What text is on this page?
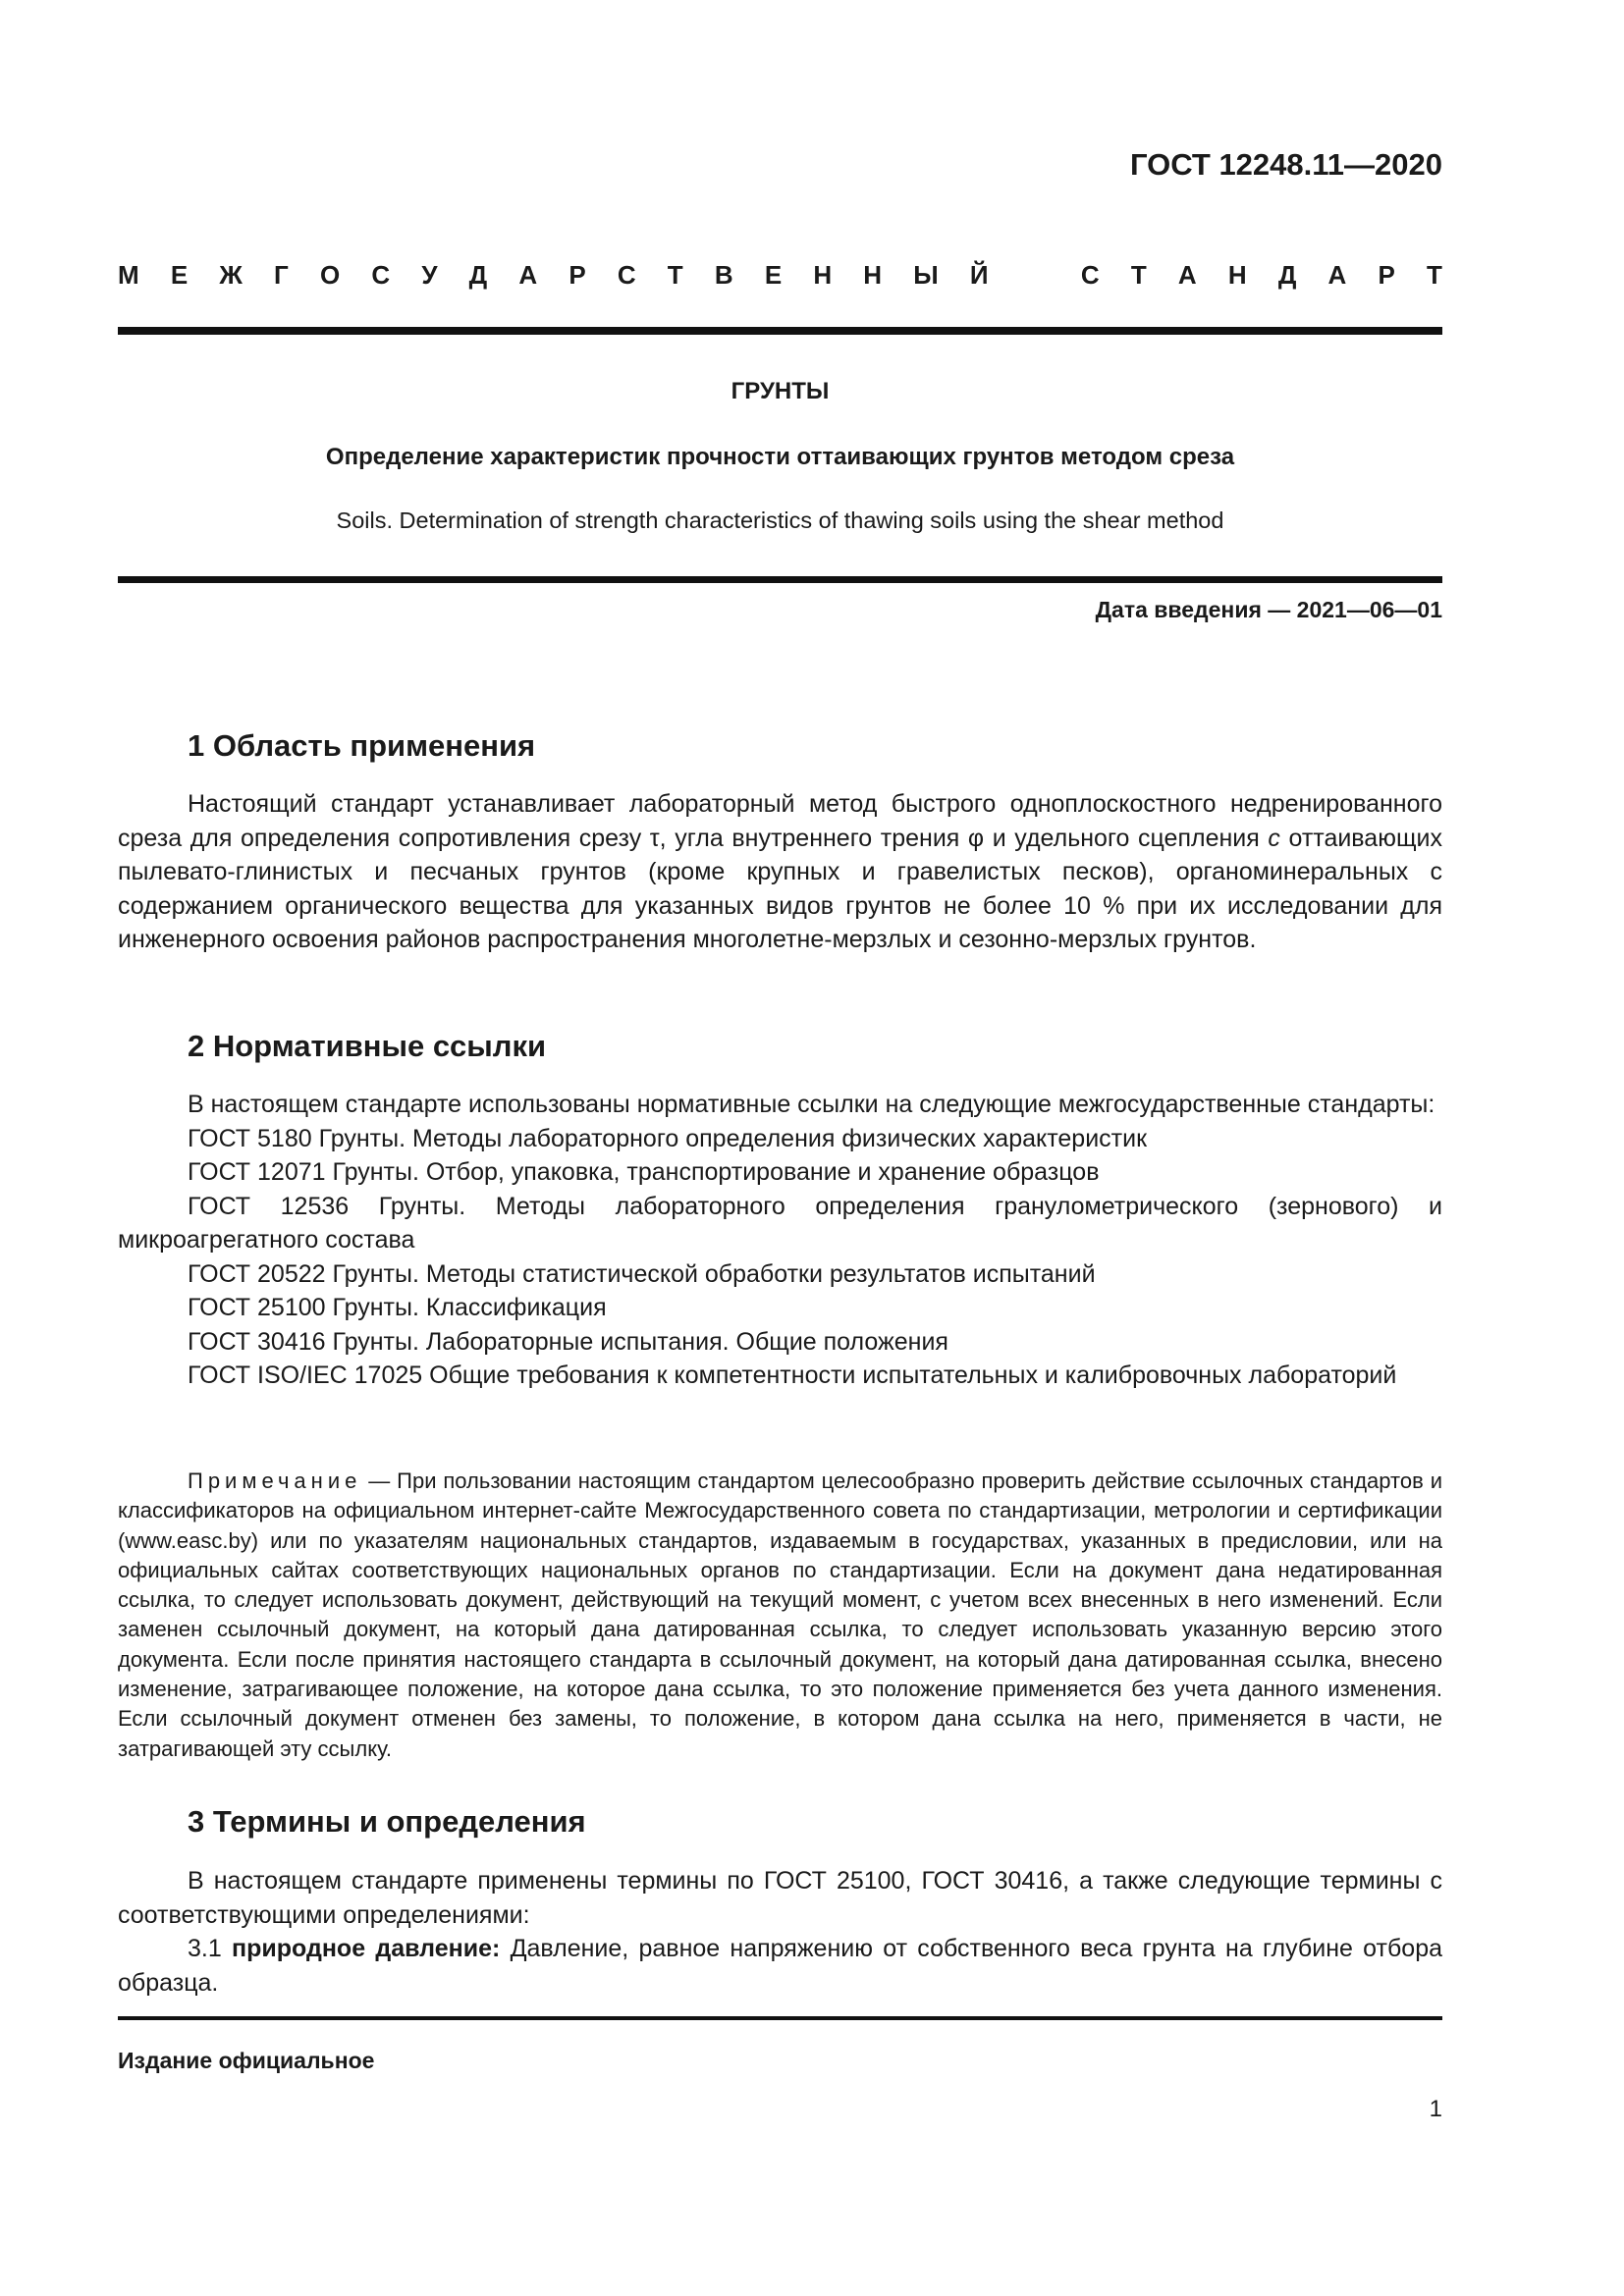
ГОСТ 12248.11—2020
М Е Ж Г О С У Д А Р С Т В Е Н Н Ы Й	С Т А Н Д А Р Т
ГРУНТЫ
Определение характеристик прочности оттаивающих грунтов методом среза
Soils. Determination of strength characteristics of thawing soils using the shear method
Дата введения — 2021—06—01
1 Область применения

Настоящий стандарт устанавливает лабораторный метод быстрого одноплоскостного недренированного среза для определения сопротивления срезу τ, угла внутреннего трения φ и удельного сцепления c оттаивающих пылевато-глинистых и песчаных грунтов (кроме крупных и гравелистых песков), органоминеральных с содержанием органического вещества для указанных видов грунтов не более 10 % при их исследовании для инженерного освоения районов распространения многолетне-мерзлых и сезонно-мерзлых грунтов.

2 Нормативные ссылки

В настоящем стандарте использованы нормативные ссылки на следующие межгосударственные стандарты:

ГОСТ 5180 Грунты. Методы лабораторного определения физических характеристик

ГОСТ 12071 Грунты. Отбор, упаковка, транспортирование и хранение образцов

ГОСТ 12536 Грунты. Методы лабораторного определения гранулометрического (зернового) и микроагрегатного состава

ГОСТ 20522 Грунты. Методы статистической обработки результатов испытаний

ГОСТ 25100 Грунты. Классификация

ГОСТ 30416 Грунты. Лабораторные испытания. Общие положения

ГОСТ ISO/IEC 17025 Общие требования к компетентности испытательных и калибровочных лабораторий

Примечание — При пользовании настоящим стандартом целесообразно проверить действие ссылочных стандартов и классификаторов на официальном интернет-сайте Межгосударственного совета по стандартизации, метрологии и сертификации (www.easc.by) или по указателям национальных стандартов, издаваемым в государствах, указанных в предисловии, или на официальных сайтах соответствующих национальных органов по стандартизации. Если на документ дана недатированная ссылка, то следует использовать документ, действующий на текущий момент, с учетом всех внесенных в него изменений. Если заменен ссылочный документ, на который дана датированная ссылка, то следует использовать указанную версию этого документа. Если после принятия настоящего стандарта в ссылочный документ, на который дана датированная ссылка, внесено изменение, затрагивающее положение, на которое дана ссылка, то это положение применяется без учета данного изменения. Если ссылочный документ отменен без замены, то положение, в котором дана ссылка на него, применяется в части, не затрагивающей эту ссылку.

3 Термины и определения

В настоящем стандарте применены термины по ГОСТ 25100, ГОСТ 30416, а также следующие термины с соответствующими определениями:

3.1 природное давление: Давление, равное напряжению от собственного веса грунта на глубине отбора образца.

Издание официальное
1
